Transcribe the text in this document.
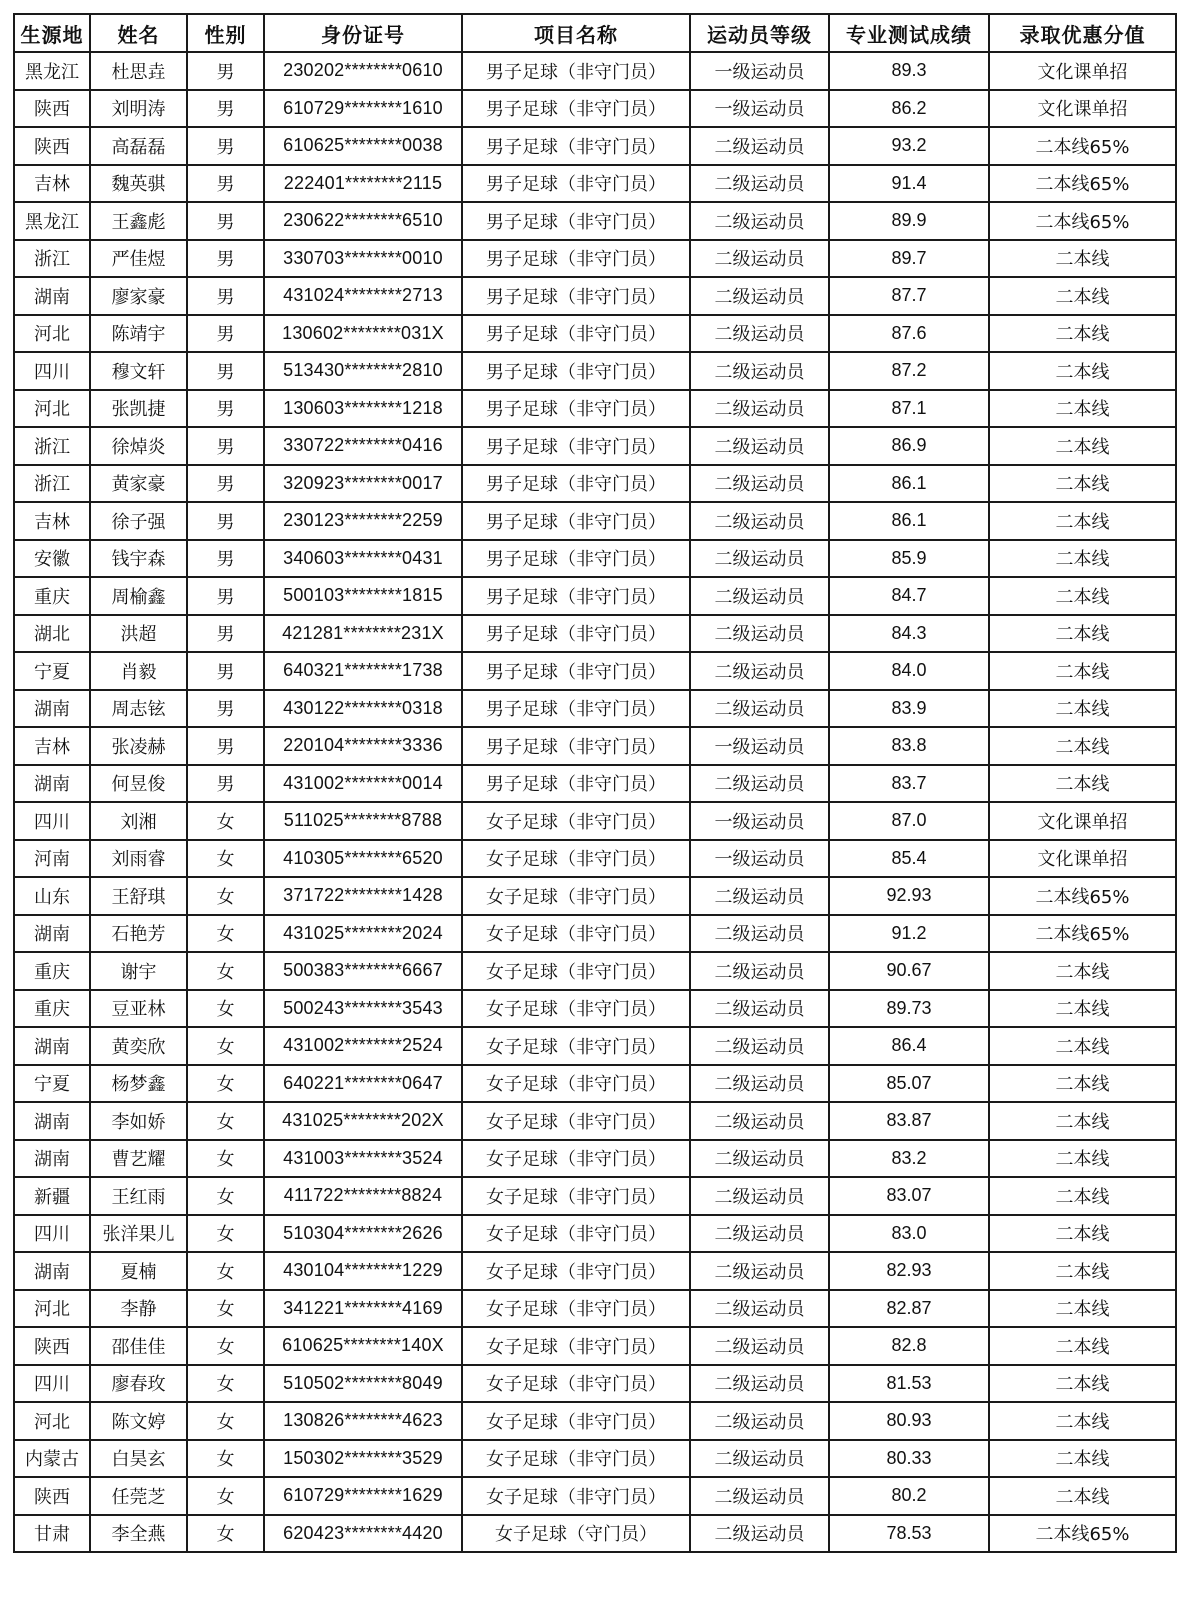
生源地	姓名	性别	身份证号	项目名称	运动员等级	专业测试成绩	录取优惠分值
黑龙江	杜思垚	男	230202********0610	男子足球（非守门员）	一级运动员	89.3	文化课单招
陕西	刘明涛	男	610729********1610	男子足球（非守门员）	一级运动员	86.2	文化课单招
陕西	高磊磊	男	610625********0038	男子足球（非守门员）	二级运动员	93.2	二本线65%
吉林	魏英骐	男	222401********2115	男子足球（非守门员）	二级运动员	91.4	二本线65%
黑龙江	王鑫彪	男	230622********6510	男子足球（非守门员）	二级运动员	89.9	二本线65%
浙江	严佳煜	男	330703********0010	男子足球（非守门员）	二级运动员	89.7	二本线
湖南	廖家豪	男	431024********2713	男子足球（非守门员）	二级运动员	87.7	二本线
河北	陈靖宇	男	130602********031X	男子足球（非守门员）	二级运动员	87.6	二本线
四川	穆文轩	男	513430********2810	男子足球（非守门员）	二级运动员	87.2	二本线
河北	张凯捷	男	130603********1218	男子足球（非守门员）	二级运动员	87.1	二本线
浙江	徐焯炎	男	330722********0416	男子足球（非守门员）	二级运动员	86.9	二本线
浙江	黄家豪	男	320923********0017	男子足球（非守门员）	二级运动员	86.1	二本线
吉林	徐子强	男	230123********2259	男子足球（非守门员）	二级运动员	86.1	二本线
安徽	钱宇森	男	340603********0431	男子足球（非守门员）	二级运动员	85.9	二本线
重庆	周榆鑫	男	500103********1815	男子足球（非守门员）	二级运动员	84.7	二本线
湖北	洪超	男	421281********231X	男子足球（非守门员）	二级运动员	84.3	二本线
宁夏	肖毅	男	640321********1738	男子足球（非守门员）	二级运动员	84.0	二本线
湖南	周志铉	男	430122********0318	男子足球（非守门员）	二级运动员	83.9	二本线
吉林	张凌赫	男	220104********3336	男子足球（非守门员）	一级运动员	83.8	二本线
湖南	何昱俊	男	431002********0014	男子足球（非守门员）	二级运动员	83.7	二本线
四川	刘湘	女	511025********8788	女子足球（非守门员）	一级运动员	87.0	文化课单招
河南	刘雨睿	女	410305********6520	女子足球（非守门员）	一级运动员	85.4	文化课单招
山东	王舒琪	女	371722********1428	女子足球（非守门员）	二级运动员	92.93	二本线65%
湖南	石艳芳	女	431025********2024	女子足球（非守门员）	二级运动员	91.2	二本线65%
重庆	谢宇	女	500383********6667	女子足球（非守门员）	二级运动员	90.67	二本线
重庆	豆亚林	女	500243********3543	女子足球（非守门员）	二级运动员	89.73	二本线
湖南	黄奕欣	女	431002********2524	女子足球（非守门员）	二级运动员	86.4	二本线
宁夏	杨梦鑫	女	640221********0647	女子足球（非守门员）	二级运动员	85.07	二本线
湖南	李如娇	女	431025********202X	女子足球（非守门员）	二级运动员	83.87	二本线
湖南	曹艺耀	女	431003********3524	女子足球（非守门员）	二级运动员	83.2	二本线
新疆	王红雨	女	411722********8824	女子足球（非守门员）	二级运动员	83.07	二本线
四川	张洋果儿	女	510304********2626	女子足球（非守门员）	二级运动员	83.0	二本线
湖南	夏楠	女	430104********1229	女子足球（非守门员）	二级运动员	82.93	二本线
河北	李静	女	341221********4169	女子足球（非守门员）	二级运动员	82.87	二本线
陕西	邵佳佳	女	610625********140X	女子足球（非守门员）	二级运动员	82.8	二本线
四川	廖春玫	女	510502********8049	女子足球（非守门员）	二级运动员	81.53	二本线
河北	陈文婷	女	130826********4623	女子足球（非守门员）	二级运动员	80.93	二本线
内蒙古	白昊玄	女	150302********3529	女子足球（非守门员）	二级运动员	80.33	二本线
陕西	任莞芝	女	610729********1629	女子足球（非守门员）	二级运动员	80.2	二本线
甘肃	李全燕	女	620423********4420	女子足球（守门员）	二级运动员	78.53	二本线65%
